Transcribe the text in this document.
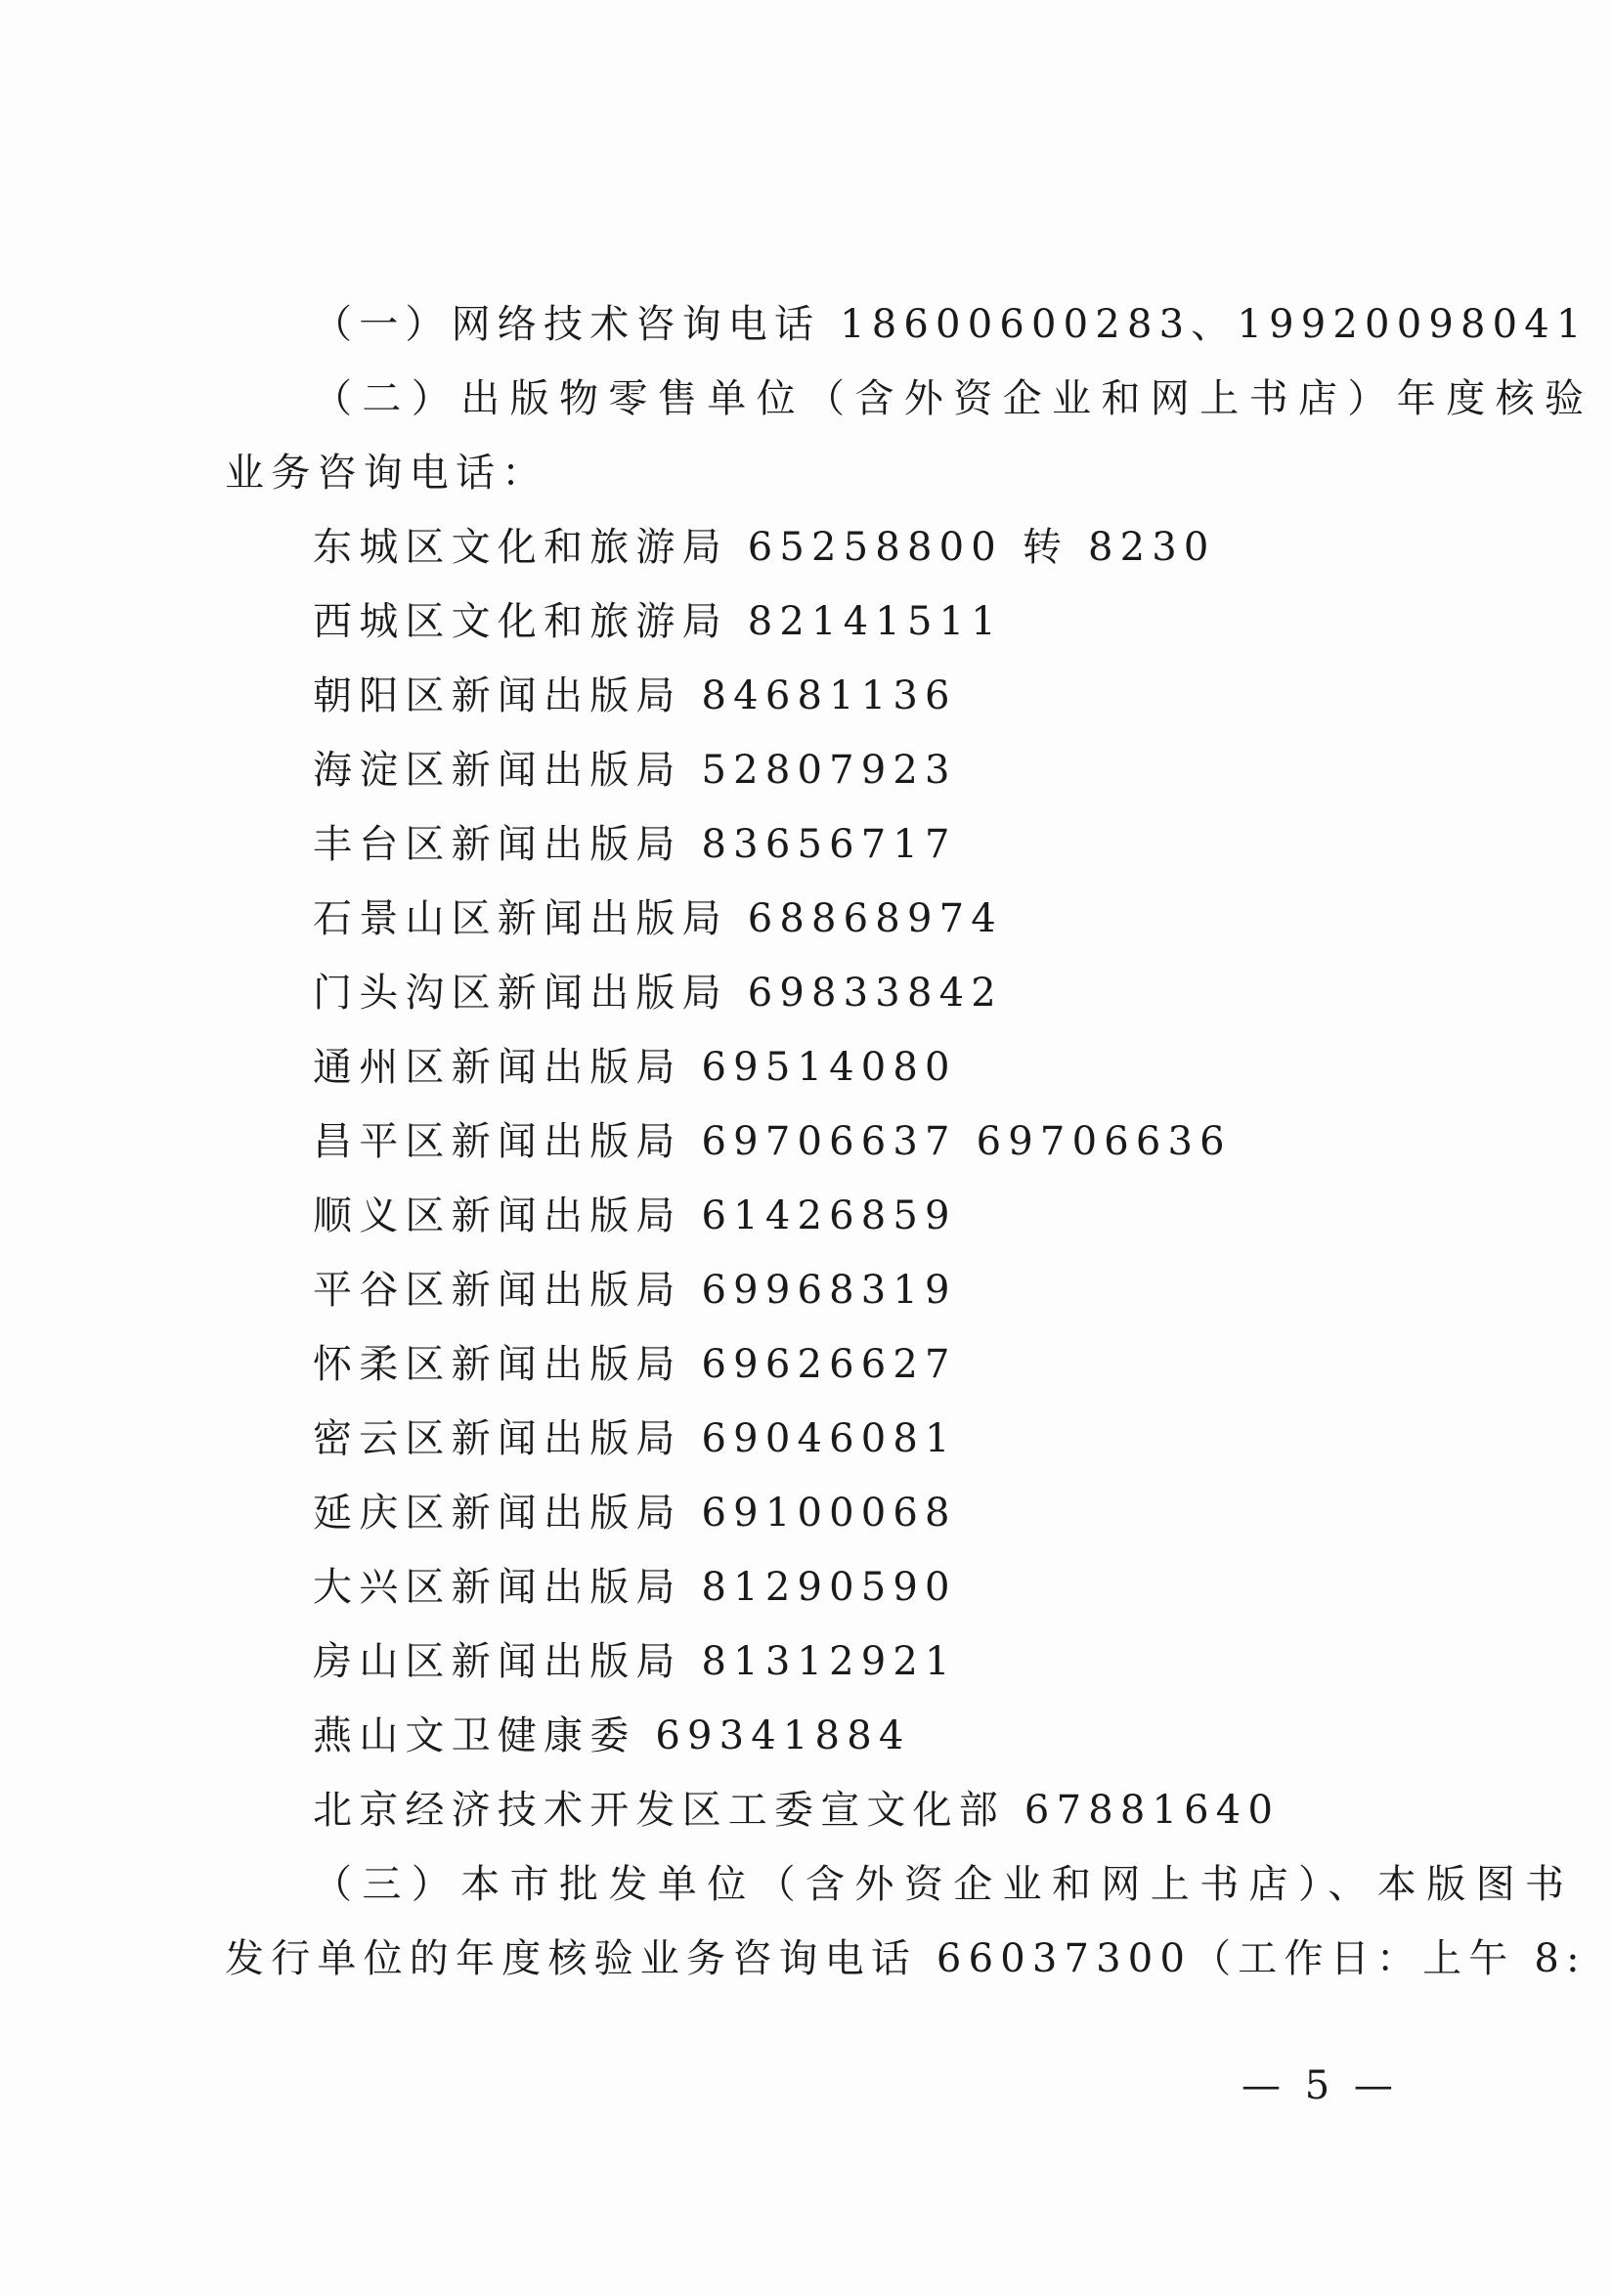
（一）网络技术咨询电话 18600600283、19920098041
（二）出版物零售单位（含外资企业和网上书店）年度核验
业务咨询电话：
东城区文化和旅游局 65258800 转 8230
西城区文化和旅游局 82141511
朝阳区新闻出版局 84681136
海淀区新闻出版局 52807923
丰台区新闻出版局 83656717
石景山区新闻出版局 68868974
门头沟区新闻出版局 69833842
通州区新闻出版局 69514080
昌平区新闻出版局 69706637 69706636
顺义区新闻出版局 61426859
平谷区新闻出版局 69968319
怀柔区新闻出版局 69626627
密云区新闻出版局 69046081
延庆区新闻出版局 69100068
大兴区新闻出版局 81290590
房山区新闻出版局 81312921
燕山文卫健康委 69341884
北京经济技术开发区工委宣文化部 67881640
（三）本市批发单位（含外资企业和网上书店）、本版图书
发行单位的年度核验业务咨询电话 66037300（工作日：上午 8:
— 5 —
